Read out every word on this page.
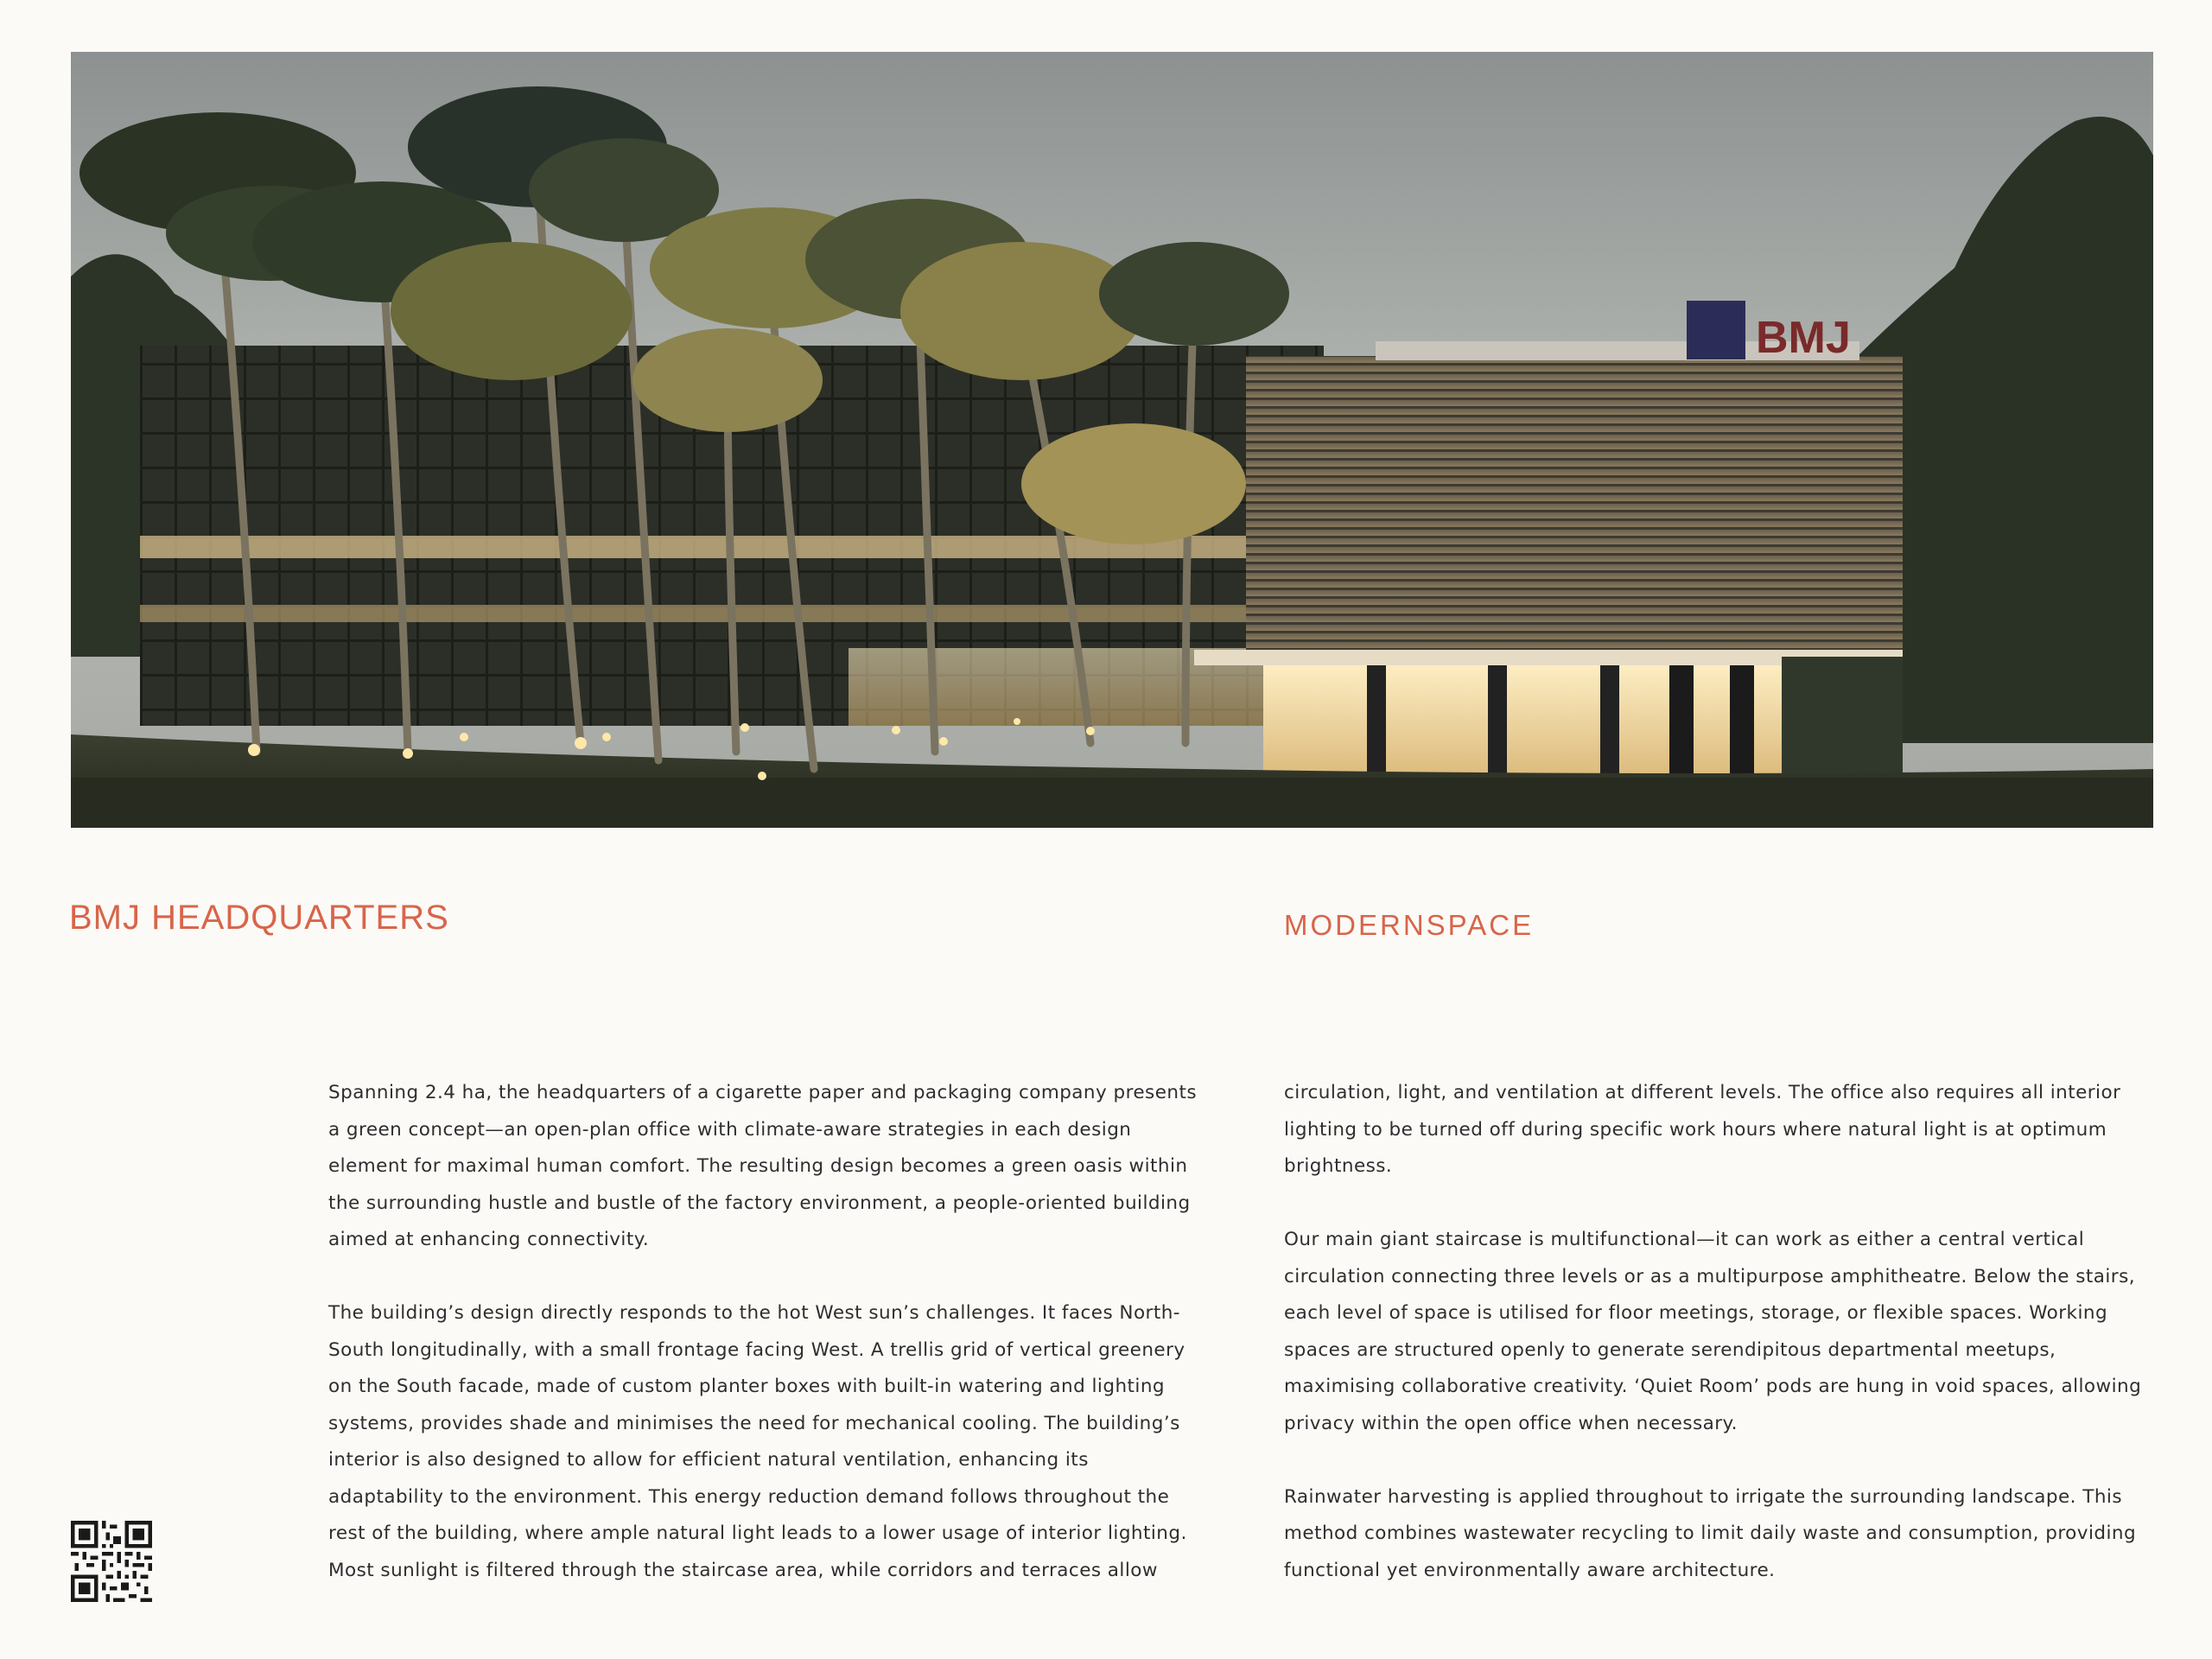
BMJ
BMJ HEADQUARTERS	MODERNSPACE

Spanning 2.4 ha, the headquarters of a cigarette paper and packaging company presents a green concept—an open-plan office with climate-aware strategies in each design element for maximal human comfort. The resulting design becomes a green oasis within the surrounding hustle and bustle of the factory environment, a people-oriented building aimed at enhancing connectivity.

The building’s design directly responds to the hot West sun’s challenges. It faces North-South longitudinally, with a small frontage facing West. A trellis grid of vertical greenery on the South facade, made of custom planter boxes with built-in watering and lighting systems, provides shade and minimises the need for mechanical cooling. The building’s interior is also designed to allow for efficient natural ventilation, enhancing its adaptability to the environment. This energy reduction demand follows throughout the rest of the building, where ample natural light leads to a lower usage of interior lighting. Most sunlight is filtered through the staircase area, while corridors and terraces allow

circulation, light, and ventilation at different levels. The office also requires all interior lighting to be turned off during specific work hours where natural light is at optimum brightness.

Our main giant staircase is multifunctional—it can work as either a central vertical circulation connecting three levels or as a multipurpose amphitheatre. Below the stairs, each level of space is utilised for floor meetings, storage, or flexible spaces. Working spaces are structured openly to generate serendipitous departmental meetups, maximising collaborative creativity. ‘Quiet Room’ pods are hung in void spaces, allowing privacy within the open office when necessary.

Rainwater harvesting is applied throughout to irrigate the surrounding landscape. This method combines wastewater recycling to limit daily waste and consumption, providing functional yet environmentally aware architecture.
